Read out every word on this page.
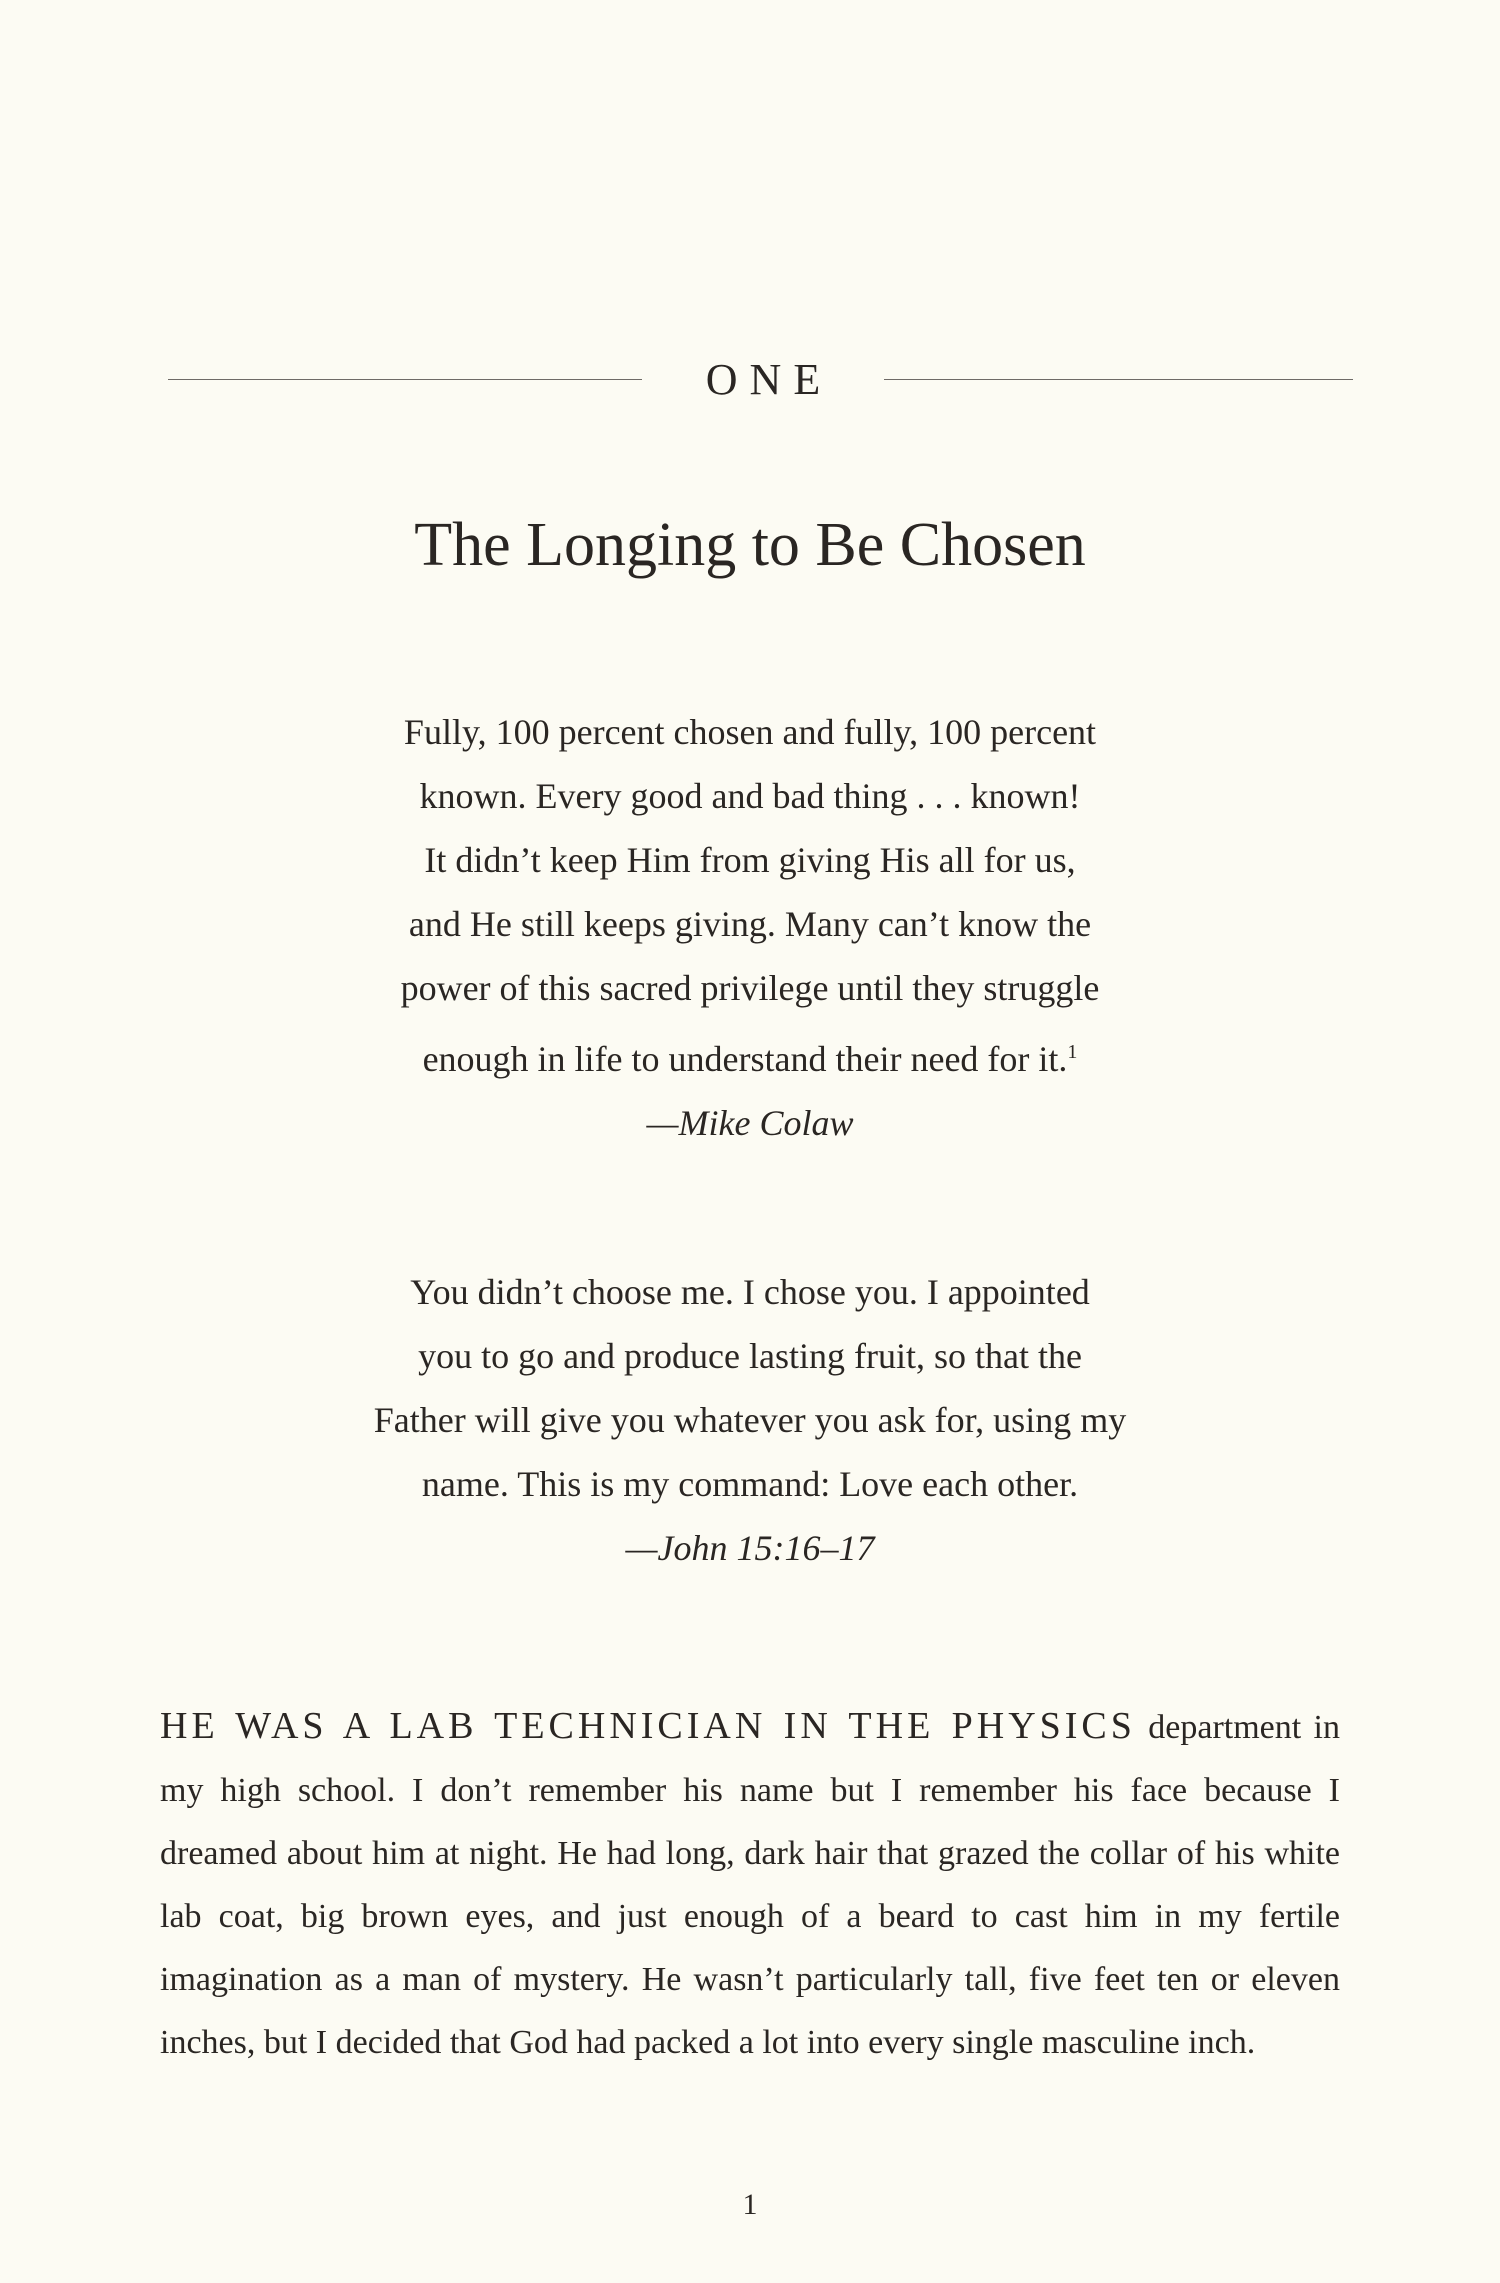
ONE
The Longing to Be Chosen

Fully, 100 percent chosen and fully, 100 percent

known. Every good and bad thing . . . known!

It didn’t keep Him from giving His all for us,

and He still keeps giving. Many can’t know the

power of this sacred privilege until they struggle

enough in life to understand their need for it.$^1$

—Mike Colaw

You didn’t choose me. I chose you. I appointed

you to go and produce lasting fruit, so that the

Father will give you whatever you ask for, using my

name. This is my command: Love each other.

—John 15:16–17

HE WAS A LAB TECHNICIAN IN THE PHYSICS department in my high school. I don’t remember his name but I remember his face because I dreamed about him at night. He had long, dark hair that grazed the collar of his white lab coat, big brown eyes, and just enough of a beard to cast him in my fertile imagination as a man of mystery. He wasn’t particularly tall, five feet ten or eleven inches, but I decided that God had packed a lot into every single masculine inch.

1
